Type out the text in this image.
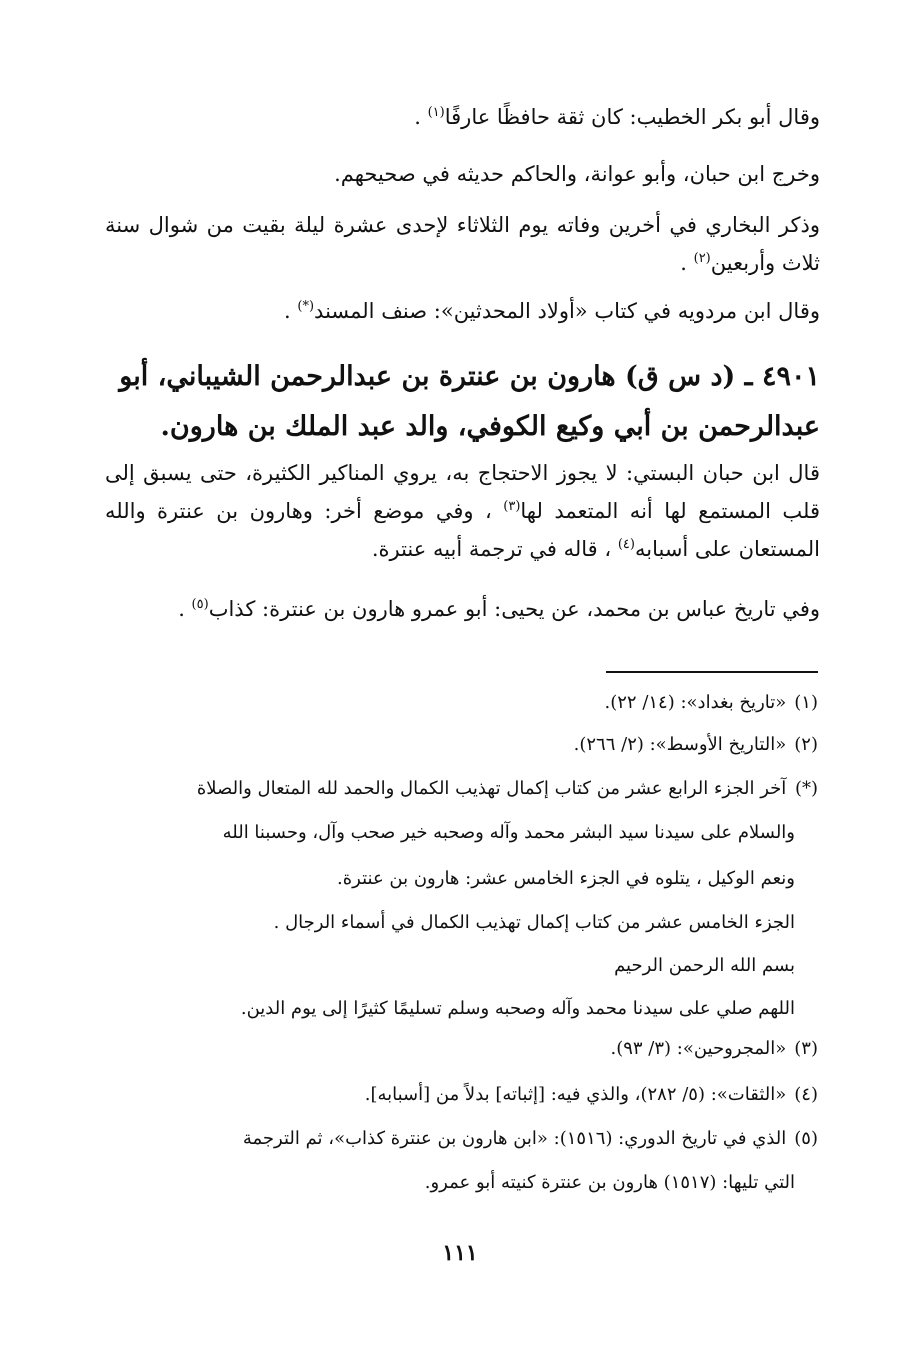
وقال أبو بكر الخطيب: كان ثقة حافظًا عارفًا$^{(١)}$ .

وخرج ابن حبان، وأبو عوانة، والحاكم حديثه في صحيحهم.

وذكر البخاري في أخرين وفاته يوم الثلاثاء لإحدى عشرة ليلة بقيت من شوال سنة ثلاث وأربعين$^{(٢)}$ .

وقال ابن مردويه في كتاب «أولاد المحدثين»: صنف المسند(*) .

٤٩٠١ ـ (د س ق) هارون بن عنترة بن عبدالرحمن الشيباني، أبو عبدالرحمن بن أبي وكيع الكوفي، والد عبد الملك بن هارون.

قال ابن حبان البستي: لا يجوز الاحتجاج به، يروي المناكير الكثيرة، حتى يسبق إلى قلب المستمع لها أنه المتعمد لها$^{(٣)}$ ، وفي موضع أخر: وهارون بن عنترة والله المستعان على أسبابه$^{(٤)}$ ، قاله في ترجمة أبيه عنترة.

وفي تاريخ عباس بن محمد، عن يحيى: أبو عمرو هارون بن عنترة: كذاب$^{(٥)}$ .

(١) «تاريخ بغداد»: (١٤/ ٢٢).

(٢) «التاريخ الأوسط»: (٢/ ٢٦٦).

(*) آخر الجزء الرابع عشر من كتاب إكمال تهذيب الكمال والحمد لله المتعال والصلاة

والسلام على سيدنا سيد البشر محمد وآله وصحبه خير صحب وآل، وحسبنا الله

ونعم الوكيل ، يتلوه في الجزء الخامس عشر: هارون بن عنترة.

الجزء الخامس عشر من كتاب إكمال تهذيب الكمال في أسماء الرجال .

بسم الله الرحمن الرحيم

اللهم صلي على سيدنا محمد وآله وصحبه وسلم تسليمًا كثيرًا إلى يوم الدين.

(٣) «المجروحين»: (٣/ ٩٣).

(٤) «الثقات»: (٥/ ٢٨٢)، والذي فيه: [إثباته] بدلاً من [أسبابه].

(٥) الذي في تاريخ الدوري: (١٥١٦): «ابن هارون بن عنترة كذاب»، ثم الترجمة

التي تليها: (١٥١٧) هارون بن عنترة كنيته أبو عمرو.

١١١
